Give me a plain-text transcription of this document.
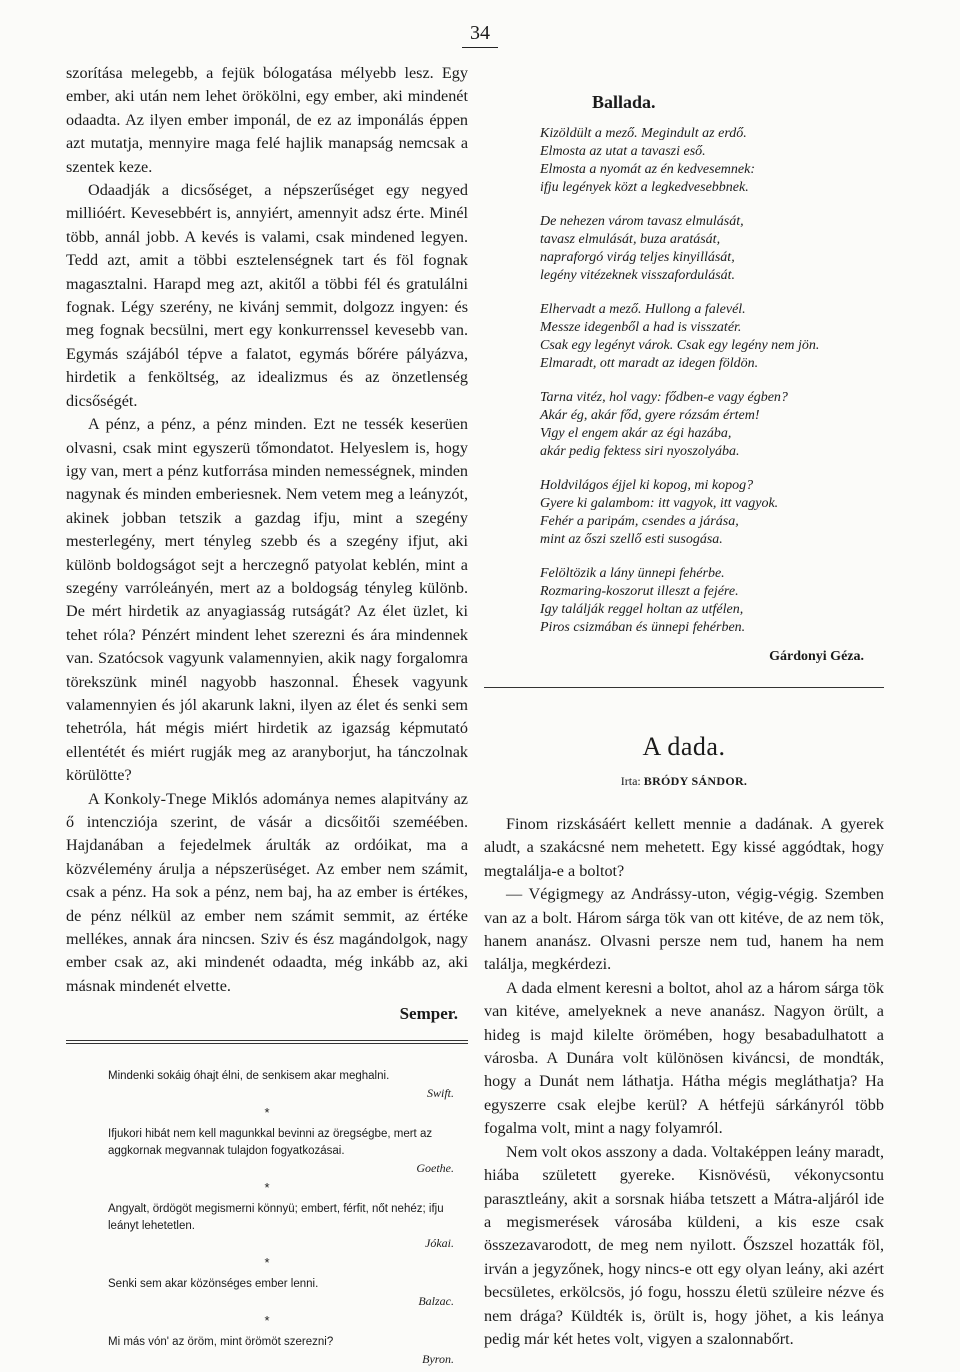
34

szorítása melegebb, a fejük bólogatása mélyebb lesz. Egy ember, aki után nem lehet örökölni, egy ember, aki mindenét odaadta. Az ilyen ember imponál, de ez az imponálás éppen azt mutatja, mennyire maga felé hajlik manapság nemcsak a szentek keze.

Odaadják a dicsőséget, a népszerűséget egy negyed millióért. Kevesebbért is, annyiért, amennyit adsz érte. Minél több, annál jobb. A kevés is valami, csak mindened legyen. Tedd azt, amit a többi esztelenségnek tart és föl fognak magasztalni. Harapd meg azt, akitől a többi fél és gratulálni fognak. Légy szerény, ne kivánj semmit, dolgozz ingyen: és meg fognak becsülni, mert egy konkurrenssel kevesebb van. Egymás szájából tépve a falatot, egymás bőrére pályázva, hirdetik a fenköltség, az idealizmus és az önzetlenség dicsőségét.

A pénz, a pénz, a pénz minden. Ezt ne tessék keserüen olvasni, csak mint egyszerü tőmondatot. Helyeslem is, hogy igy van, mert a pénz kutforrása minden nemességnek, minden nagynak és minden emberiesnek. Nem vetem meg a leányzót, akinek jobban tetszik a gazdag ifju, mint a szegény mesterlegény, mert tényleg szebb és a szegény ifjut, aki különb boldogságot sejt a herczegnő patyolat keblén, mint a szegény varróleányén, mert az a boldogság tényleg különb. De mért hirdetik az anyagiasság rutságát? Az élet üzlet, ki tehet róla? Pénzért mindent lehet szerezni és ára mindennek van. Szatócsok vagyunk valamennyien, akik nagy forgalomra törekszünk minél nagyobb haszonnal. Éhesek vagyunk valamennyien és jól akarunk lakni, ilyen az élet és senki sem tehetróla, hát mégis miért hirdetik az igazság képmutató ellentétét és miért rugják meg az aranyborjut, ha tánczolnak körülötte?

A Konkoly-Tnege Miklós adománya nemes alapitvány az ő intencziója szerint, de vásár a dicsőitői szeméében. Hajdanában a fejedelmek árulták az ordóikat, ma a közvélemény árulja a népszerüséget. Az ember nem számit, csak a pénz. Ha sok a pénz, nem baj, ha az ember is értékes, de pénz nélkül az ember nem számit semmit, az értéke mellékes, annak ára nincsen. Sziv és ész magándolgok, nagy ember csak az, aki mindenét odaadta, még inkább az, aki másnak mindenét elvette.

Semper.
Mindenki sokáig óhajt élni, de senkisem akar meghalni.
Swift.
*
Ifjukori hibát nem kell magunkkal bevinni az öregségbe, mert az aggkornak megvannak tulajdon fogyatkozásai.
Goethe.
*
Angyalt, ördögöt megismerni könnyü; embert, férfit, nőt nehéz; ifju leányt lehetetlen.
Jókai.
*
Senki sem akar közönséges ember lenni.
Balzac.
*
Mi más vón' az öröm, mint örömöt szerezni?
Byron.
Ballada.
Kizöldült a mező. Megindult az erdő.
Elmosta az utat a tavaszi eső.
Elmosta a nyomát az én kedvesemnek:
ifju legények közt a legkedvesebbnek.
De nehezen várom tavasz elmulását,
tavasz elmulását, buza aratását,
napraforgó virág teljes kinyillását,
legény vitézeknek visszafordulását.
Elhervadt a mező. Hullong a falevél.
Messze idegenből a had is visszatér.
Csak egy legényt várok. Csak egy legény nem jön.
Elmaradt, ott maradt az idegen földön.
Tarna vitéz, hol vagy: fődben-e vagy égben?
Akár ég, akár főd, gyere rózsám értem!
Vigy el engem akár az égi hazába,
akár pedig fektess siri nyoszolyába.
Holdvilágos éjjel ki kopog, mi kopog?
Gyere ki galambom: itt vagyok, itt vagyok.
Fehér a paripám, csendes a járása,
mint az őszi szellő esti susogása.
Felöltözik a lány ünnepi fehérbe.
Rozmaring-koszorut illeszt a fejére.
Igy találják reggel holtan az utfélen,
Piros csizmában és ünnepi fehérben.
Gárdonyi Géza.
A dada.
Irta: BRÓDY SÁNDOR.

Finom rizskásáért kellett mennie a dadának. A gyerek aludt, a szakácsné nem mehetett. Egy kissé aggódtak, hogy megtalálja-e a boltot?

— Végigmegy az Andrássy-uton, végig-végig. Szemben van az a bolt. Három sárga tök van ott kitéve, de az nem tök, hanem ananász. Olvasni persze nem tud, hanem ha nem találja, megkérdezi.

A dada elment keresni a boltot, ahol az a három sárga tök van kitéve, amelyeknek a neve ananász. Nagyon örült, a hideg is majd kilelte örömében, hogy besabadulhatott a városba. A Dunára volt különösen kiváncsi, de mondták, hogy a Dunát nem láthatja. Hátha mégis megláthatja? Ha egyszerre csak elejbe kerül? A hétfejü sárkányról több fogalma volt, mint a nagy folyamról.

Nem volt okos asszony a dada. Voltaképpen leány maradt, hiába született gyereke. Kisnövésü, vékonycsontu parasztleány, akit a sorsnak hiába tetszett a Mátra-aljáról ide a megismerések városába küldeni, a kis esze csak összezavarodott, de meg nem nyilott. Őszszel hozatták föl, irván a jegyzőnek, hogy nincs-e ott egy olyan leány, aki azért becsületes, erkölcsös, jó fogu, hosszu életü szüleire nézve és nem drága? Küldték is, örült is, hogy jöhet, a kis leánya pedig már két hetes volt, vigyen a szalonnabőrt.
